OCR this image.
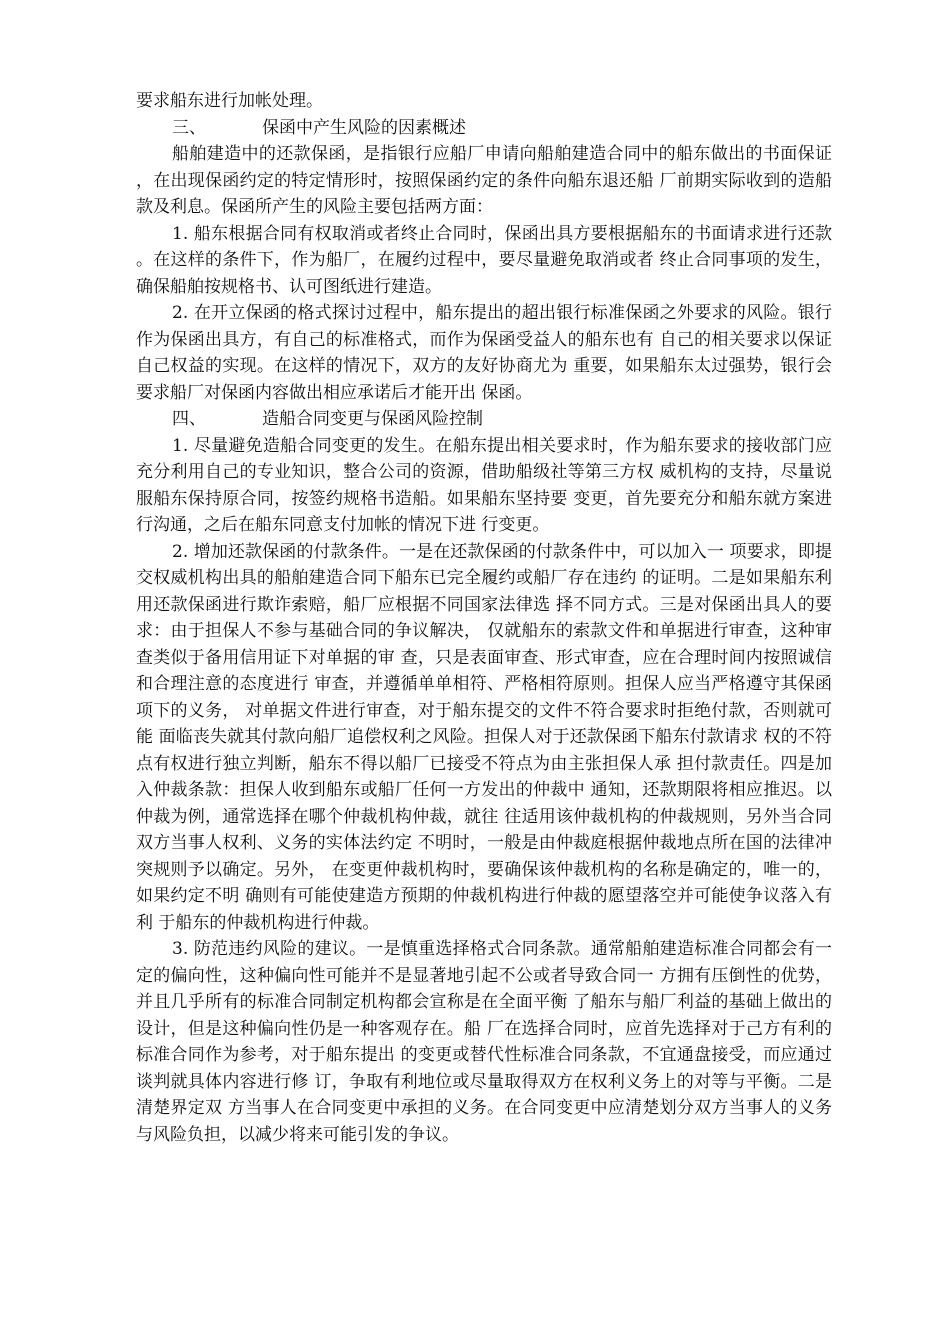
要求船东进行加帐处理。

三、	保函中产生风险的因素概述

船舶建造中的还款保函，是指银行应船厂申请向船舶建造合同中的船东做出的书面保证，在出现保函约定的特定情形时，按照保函约定的条件向船东退还船 厂前期实际收到的造船款及利息。保函所产生的风险主要包括两方面：

1. 船东根据合同有权取消或者终止合同时，保函出具方要根据船东的书面请求进行还款。在这样的条件下，作为船厂，在履约过程中，要尽量避免取消或者 终止合同事项的发生，确保船舶按规格书、认可图纸进行建造。

2. 在开立保函的格式探讨过程中，船东提出的超出银行标准保函之外要求的风险。银行作为保函出具方，有自己的标准格式，而作为保函受益人的船东也有 自己的相关要求以保证自己权益的实现。在这样的情况下，双方的友好协商尤为 重要，如果船东太过强势，银行会要求船厂对保函内容做出相应承诺后才能开出 保函。

四、	造船合同变更与保函风险控制

1. 尽量避免造船合同变更的发生。在船东提出相关要求时，作为船东要求的接收部门应充分利用自己的专业知识，整合公司的资源，借助船级社等第三方权 威机构的支持，尽量说服船东保持原合同，按签约规格书造船。如果船东坚持要 变更，首先要充分和船东就方案进行沟通，之后在船东同意支付加帐的情况下进 行变更。

2. 增加还款保函的付款条件。一是在还款保函的付款条件中，可以加入一 项要求，即提交权威机构出具的船舶建造合同下船东已完全履约或船厂存在违约 的证明。二是如果船东利用还款保函进行欺诈索赔，船厂应根据不同国家法律选 择不同方式。三是对保函出具人的要求：由于担保人不参与基础合同的争议解决， 仅就船东的索款文件和单据进行审查，这种审查类似于备用信用证下对单据的审 查，只是表面审查、形式审查，应在合理时间内按照诚信和合理注意的态度进行 审查，并遵循单单相符、严格相符原则。担保人应当严格遵守其保函项下的义务， 对单据文件进行审查，对于船东提交的文件不符合要求时拒绝付款，否则就可能 面临丧失就其付款向船厂追偿权利之风险。担保人对于还款保函下船东付款请求 权的不符点有权进行独立判断，船东不得以船厂已接受不符点为由主张担保人承 担付款责任。四是加入仲裁条款：担保人收到船东或船厂任何一方发出的仲裁中 通知，还款期限将相应推迟。以仲裁为例，通常选择在哪个仲裁机构仲裁，就往 往适用该仲裁机构的仲裁规则，另外当合同双方当事人权利、义务的实体法约定 不明时，一般是由仲裁庭根据仲裁地点所在国的法律冲突规则予以确定。另外， 在变更仲裁机构时，要确保该仲裁机构的名称是确定的，唯一的，如果约定不明 确则有可能使建造方预期的仲裁机构进行仲裁的愿望落空并可能使争议落入有利 于船东的仲裁机构进行仲裁。

3. 防范违约风险的建议。一是慎重选择格式合同条款。通常船舶建造标准合同都会有一定的偏向性，这种偏向性可能并不是显著地引起不公或者导致合同一 方拥有压倒性的优势，并且几乎所有的标准合同制定机构都会宣称是在全面平衡 了船东与船厂利益的基础上做出的设计，但是这种偏向性仍是一种客观存在。船 厂在选择合同时，应首先选择对于己方有利的标准合同作为参考，对于船东提出 的变更或替代性标准合同条款，不宜通盘接受，而应通过谈判就具体内容进行修 订，争取有利地位或尽量取得双方在权利义务上的对等与平衡。二是清楚界定双 方当事人在合同变更中承担的义务。在合同变更中应清楚划分双方当事人的义务 与风险负担，以减少将来可能引发的争议。
